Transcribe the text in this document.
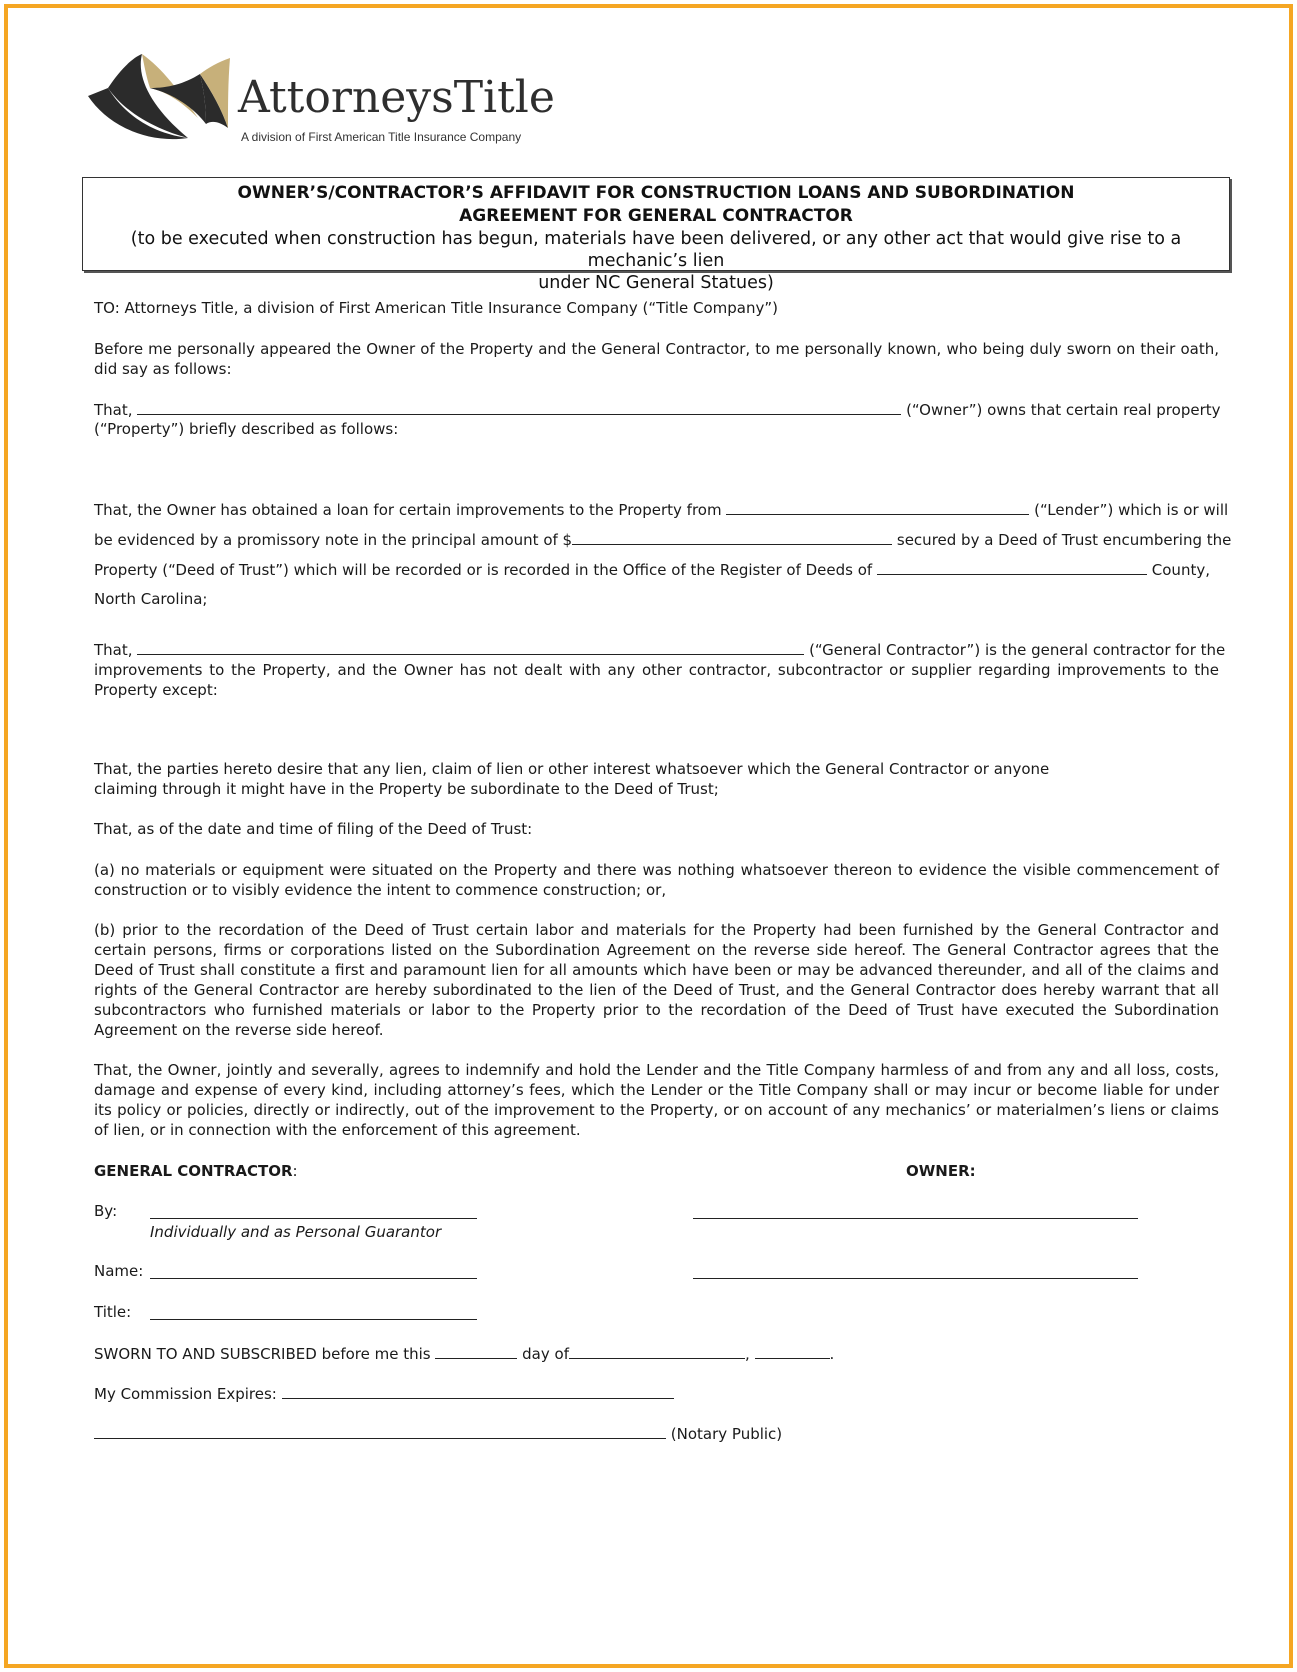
AttorneysTitle
A division of First American Title Insurance Company
OWNER’S/CONTRACTOR’S AFFIDAVIT FOR CONSTRUCTION LOANS AND SUBORDINATION
AGREEMENT FOR GENERAL CONTRACTOR
(to be executed when construction has begun, materials have been delivered, or any other act that would give rise to a mechanic’s lien
under NC General Statues)
TO: Attorneys Title, a division of First American Title Insurance Company (“Title Company”)
Before me personally appeared the Owner of the Property and the General Contractor, to me personally known, who being duly sworn on their oath, did say as follows:
That,	(“Owner”) owns that certain real property
(“Property”) briefly described as follows:
That, the Owner has obtained a loan for certain improvements to the Property from	(“Lender”) which is or will
be evidenced by a promissory note in the principal amount of $	secured by a Deed of Trust encumbering the
Property (“Deed of Trust”) which will be recorded or is recorded in the Office of the Register of Deeds of	County,
North Carolina;
That,	(“General Contractor”) is the general contractor for the
improvements to the Property, and the Owner has not dealt with any other contractor, subcontractor or supplier regarding improvements to the Property except:
That, the parties hereto desire that any lien, claim of lien or other interest whatsoever which the General Contractor or anyone
claiming through it might have in the Property be subordinate to the Deed of Trust;
That, as of the date and time of filing of the Deed of Trust:
(a) no materials or equipment were situated on the Property and there was nothing whatsoever thereon to evidence the visible commencement of construction or to visibly evidence the intent to commence construction; or,
(b) prior to the recordation of the Deed of Trust certain labor and materials for the Property had been furnished by the General Contractor and certain persons, firms or corporations listed on the Subordination Agreement on the reverse side hereof. The General Contractor agrees that the Deed of Trust shall constitute a first and paramount lien for all amounts which have been or may be advanced thereunder, and all of the claims and rights of the General Contractor are hereby subordinated to the lien of the Deed of Trust, and the General Contractor does hereby warrant that all subcontractors who furnished materials or labor to the Property prior to the recordation of the Deed of Trust have executed the Subordination Agreement on the reverse side hereof.
That, the Owner, jointly and severally, agrees to indemnify and hold the Lender and the Title Company harmless of and from any and all loss, costs, damage and expense of every kind, including attorney’s fees, which the Lender or the Title Company shall or may incur or become liable for under its policy or policies, directly or indirectly, out of the improvement to the Property, or on account of any mechanics’ or materialmen’s liens or claims of lien, or in connection with the enforcement of this agreement.
GENERAL CONTRACTOR:	OWNER:
By:
Individually and as Personal Guarantor
Name:
Title:
SWORN TO AND SUBSCRIBED before me this	day of	,	.
My Commission Expires:
(Notary Public)
